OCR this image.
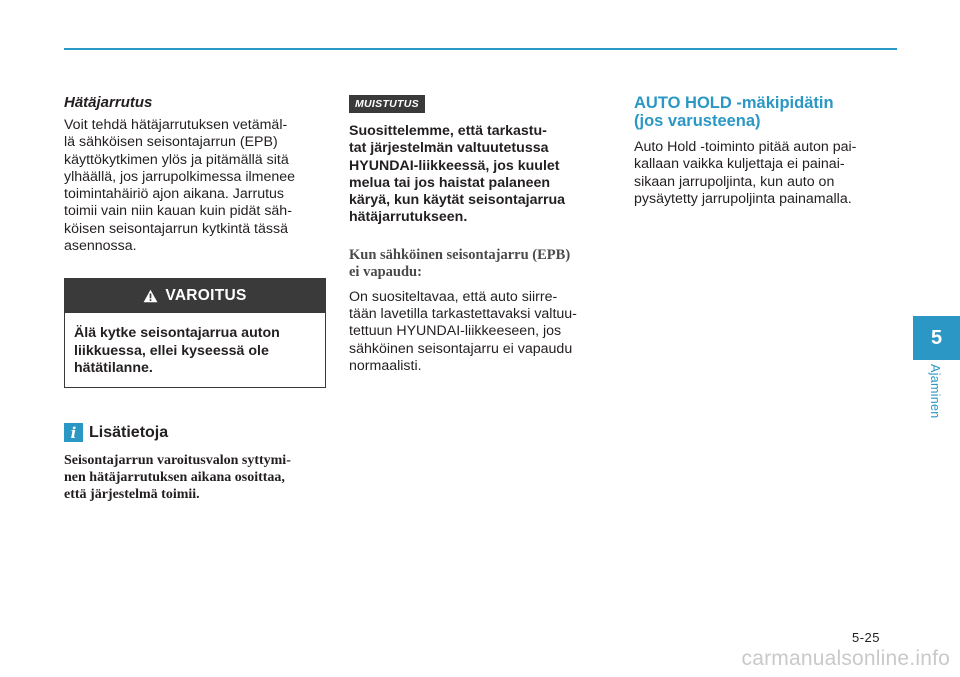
Hätäjarrutus
Voit tehdä hätäjarrutuksen vetämäl-
lä sähköisen seisontajarrun (EPB)
käyttökytkimen ylös ja pitämällä sitä
ylhäällä, jos jarrupolkimessa ilmenee
toimintahäiriö ajon aikana. Jarrutus
toimii vain niin kauan kuin pidät säh-
köisen seisontajarrun kytkintä tässä
asennossa.
VAROITUS
Älä kytke seisontajarrua auton
liikkuessa, ellei kyseessä ole
hätätilanne.
i Lisätietoja
Seisontajarrun varoitusvalon syttymi-
nen hätäjarrutuksen aikana osoittaa,
että järjestelmä toimii.
MUISTUTUS
Suosittelemme, että tarkastu-
tat järjestelmän valtuutetussa
HYUNDAI-liikkeessä, jos kuulet
melua tai jos haistat palaneen
käryä, kun käytät seisontajarrua
hätäjarrutukseen.
Kun sähköinen seisontajarru (EPB)
ei vapaudu:
On suositeltavaa, että auto siirre-
tään lavetilla tarkastettavaksi valtuu-
tettuun HYUNDAI-liikkeeseen, jos
sähköinen seisontajarru ei vapaudu
normaalisti.
AUTO HOLD -mäkipidätin
(jos varusteena)
Auto Hold -toiminto pitää auton pai-
kallaan vaikka kuljettaja ei painai-
sikaan jarrupoljinta, kun auto on
pysäytetty jarrupoljinta painamalla.
5
Ajaminen
5-25
carmanualsonline.info
